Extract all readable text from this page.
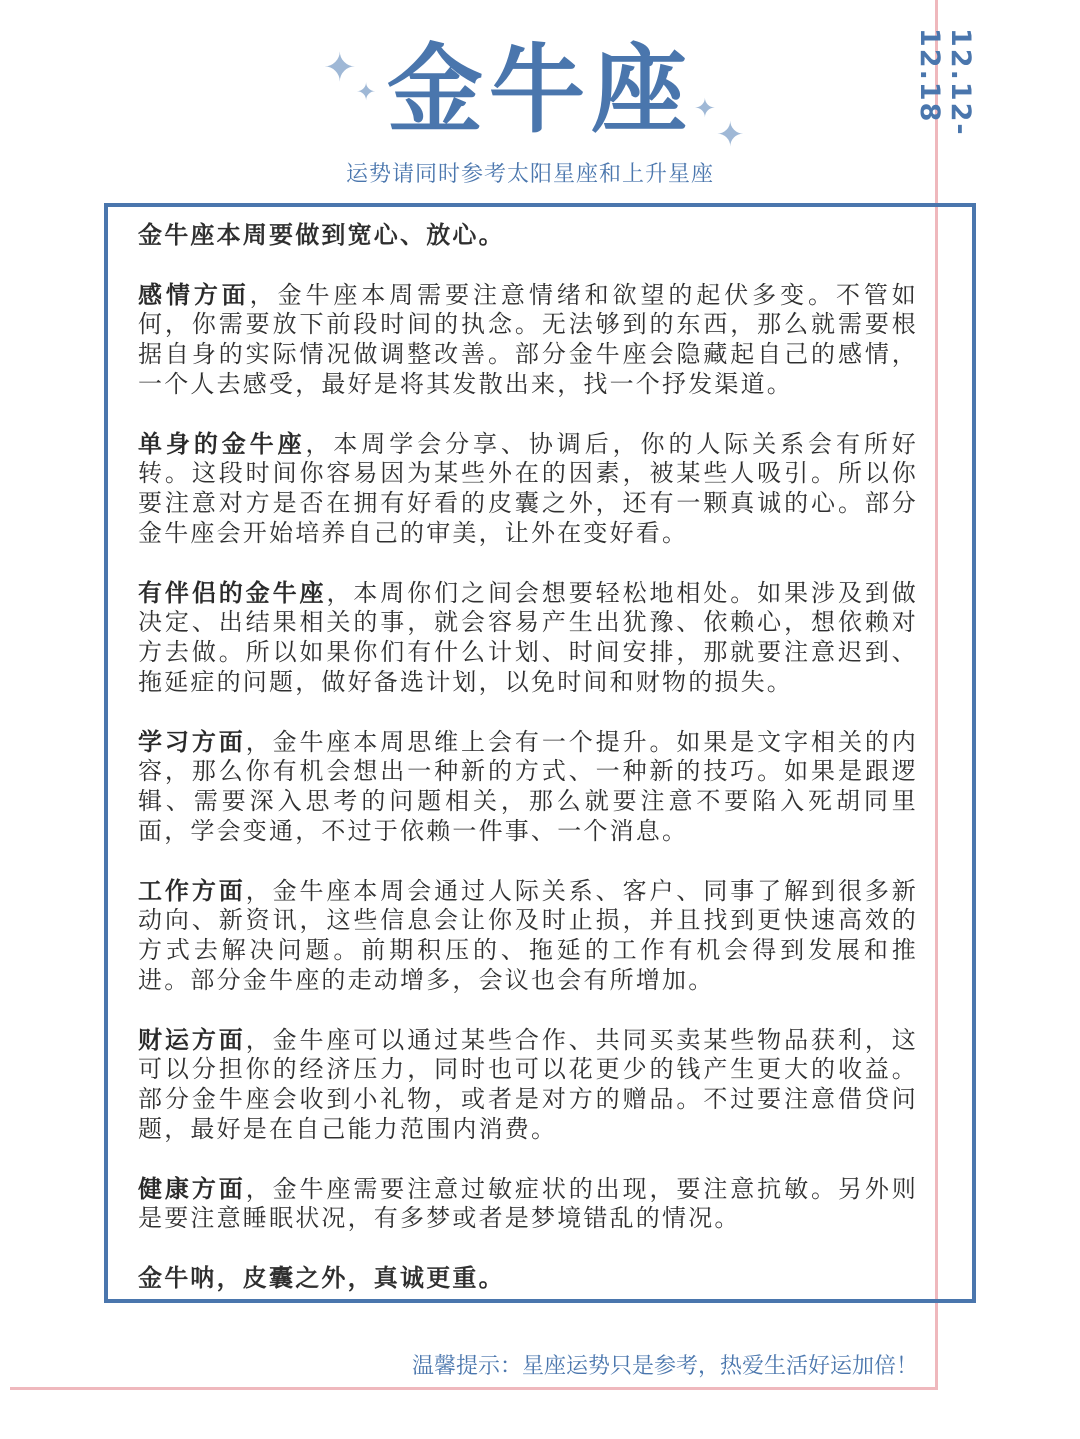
✦
✦
✦
✦
金牛座
运势请同时参考太阳星座和上升星座
12.12-12.18

金牛座本周要做到宽心、放心。

感情方面，金牛座本周需要注意情绪和欲望的起伏多变。不管如何，你需要放下前段时间的执念。无法够到的东西，那么就需要根据自身的实际情况做调整改善。部分金牛座会隐藏起自己的感情，一个人去感受，最好是将其发散出来，找一个抒发渠道。

单身的金牛座，本周学会分享、协调后，你的人际关系会有所好转。这段时间你容易因为某些外在的因素，被某些人吸引。所以你要注意对方是否在拥有好看的皮囊之外，还有一颗真诚的心。部分金牛座会开始培养自己的审美，让外在变好看。

有伴侣的金牛座，本周你们之间会想要轻松地相处。如果涉及到做决定、出结果相关的事，就会容易产生出犹豫、依赖心，想依赖对方去做。所以如果你们有什么计划、时间安排，那就要注意迟到、拖延症的问题，做好备选计划，以免时间和财物的损失。

学习方面，金牛座本周思维上会有一个提升。如果是文字相关的内容，那么你有机会想出一种新的方式、一种新的技巧。如果是跟逻辑、需要深入思考的问题相关，那么就要注意不要陷入死胡同里面，学会变通，不过于依赖一件事、一个消息。

工作方面，金牛座本周会通过人际关系、客户、同事了解到很多新动向、新资讯，这些信息会让你及时止损，并且找到更快速高效的方式去解决问题。前期积压的、拖延的工作有机会得到发展和推进。部分金牛座的走动增多，会议也会有所增加。

财运方面，金牛座可以通过某些合作、共同买卖某些物品获利，这可以分担你的经济压力，同时也可以花更少的钱产生更大的收益。部分金牛座会收到小礼物，或者是对方的赠品。不过要注意借贷问题，最好是在自己能力范围内消费。

健康方面，金牛座需要注意过敏症状的出现，要注意抗敏。另外则是要注意睡眠状况，有多梦或者是梦境错乱的情况。

金牛呐，皮囊之外，真诚更重。

温馨提示：星座运势只是参考，热爱生活好运加倍！
